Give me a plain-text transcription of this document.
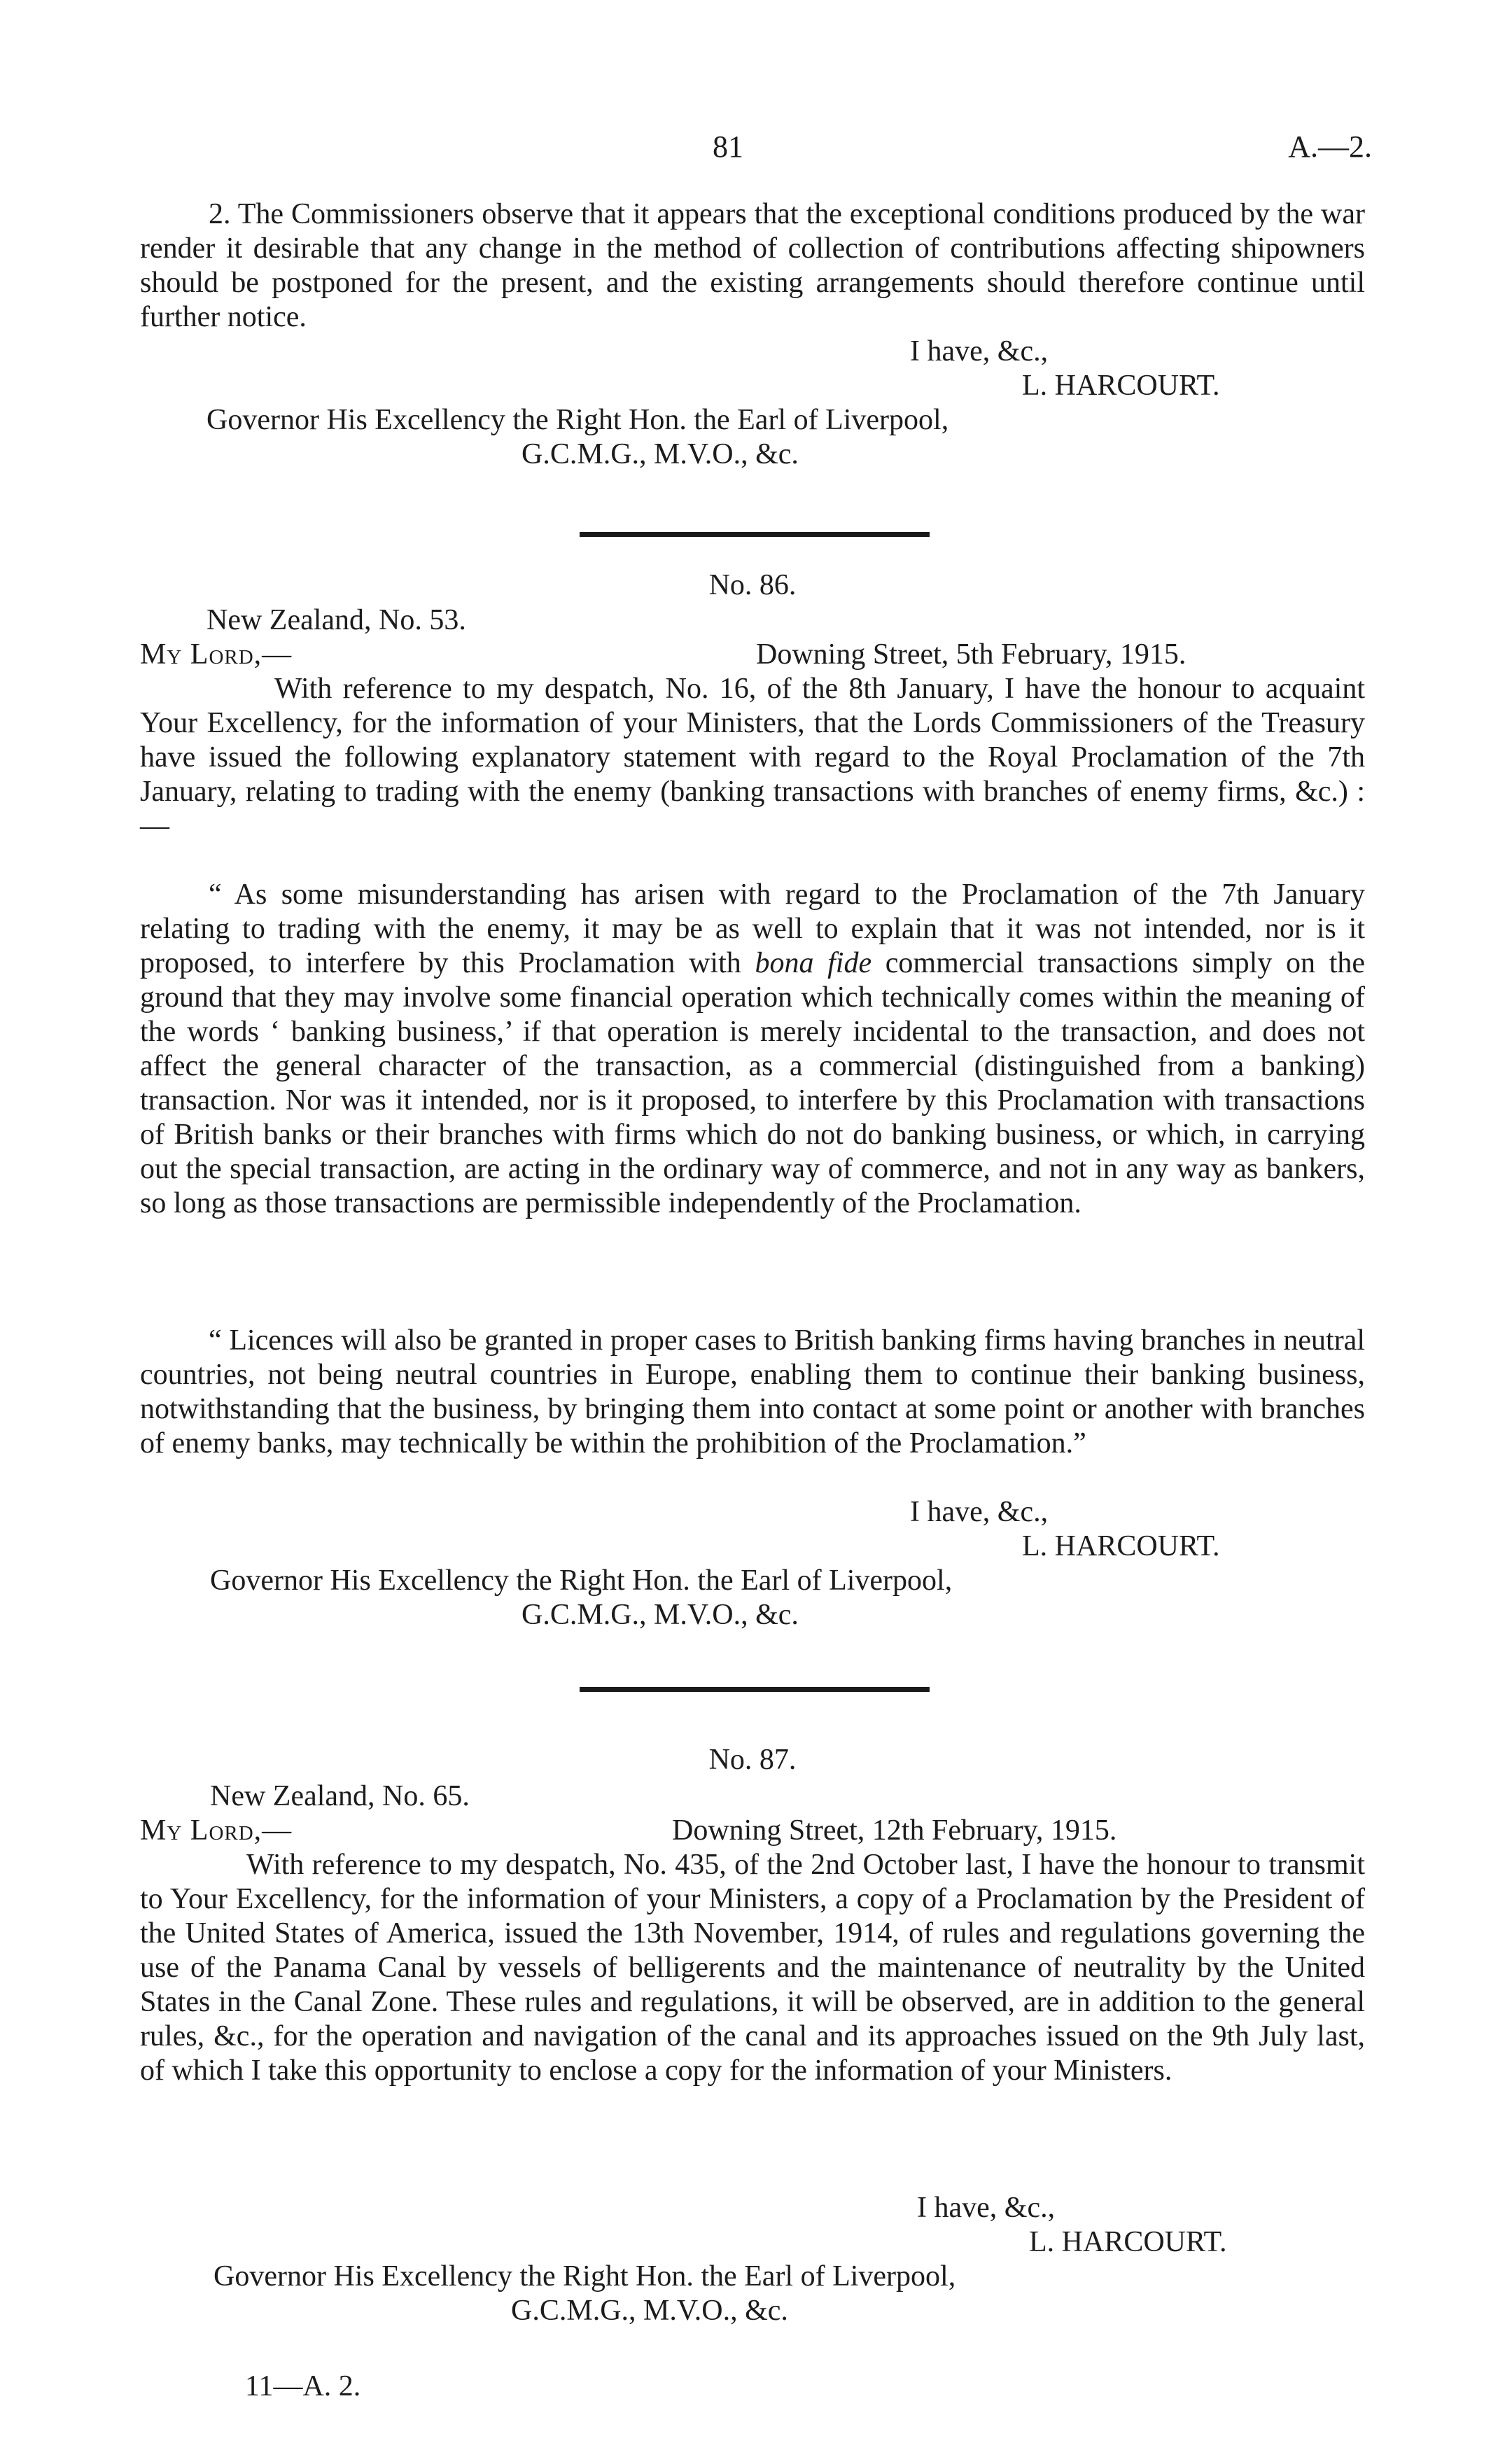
81	A.—2.

2. The Commissioners observe that it appears that the exceptional conditions produced by the war render it desirable that any change in the method of collection of contributions affecting shipowners should be postponed for the present, and the existing arrangements should therefore continue until further notice.

I have, &c.,
L. HARCOURT.
Governor His Excellency the Right Hon. the Earl of Liverpool,
G.C.M.G., M.V.O., &c.
No. 86.
New Zealand, No. 53.
My Lord,—	Downing Street, 5th February, 1915.

With reference to my despatch, No. 16, of the 8th January, I have the honour to acquaint Your Excellency, for the information of your Ministers, that the Lords Commissioners of the Treasury have issued the following explanatory statement with regard to the Royal Proclamation of the 7th January, relating to trading with the enemy (banking transactions with branches of enemy firms, &c.) :—

“ As some misunderstanding has arisen with regard to the Proclamation of the 7th January relating to trading with the enemy, it may be as well to explain that it was not intended, nor is it proposed, to interfere by this Proclamation with bona fide commercial transactions simply on the ground that they may involve some financial operation which technically comes within the meaning of the words ‘ banking business,’ if that operation is merely incidental to the transaction, and does not affect the general character of the transaction, as a commercial (distinguished from a banking) transaction. Nor was it intended, nor is it proposed, to interfere by this Proclamation with transactions of British banks or their branches with firms which do not do banking business, or which, in carrying out the special transaction, are acting in the ordinary way of commerce, and not in any way as bankers, so long as those transactions are permissible independently of the Proclamation.

“ Licences will also be granted in proper cases to British banking firms having branches in neutral countries, not being neutral countries in Europe, enabling them to continue their banking business, notwithstanding that the business, by bringing them into contact at some point or another with branches of enemy banks, may technically be within the prohibition of the Proclamation.”

I have, &c.,
L. HARCOURT.
Governor His Excellency the Right Hon. the Earl of Liverpool,
G.C.M.G., M.V.O., &c.
No. 87.
New Zealand, No. 65.
My Lord,—	Downing Street, 12th February, 1915.

With reference to my despatch, No. 435, of the 2nd October last, I have the honour to transmit to Your Excellency, for the information of your Ministers, a copy of a Proclamation by the President of the United States of America, issued the 13th November, 1914, of rules and regulations governing the use of the Panama Canal by vessels of belligerents and the maintenance of neutrality by the United States in the Canal Zone. These rules and regulations, it will be observed, are in addition to the general rules, &c., for the operation and navigation of the canal and its approaches issued on the 9th July last, of which I take this opportunity to enclose a copy for the information of your Ministers.

I have, &c.,
L. HARCOURT.
Governor His Excellency the Right Hon. the Earl of Liverpool,
G.C.M.G., M.V.O., &c.
11—A. 2.
